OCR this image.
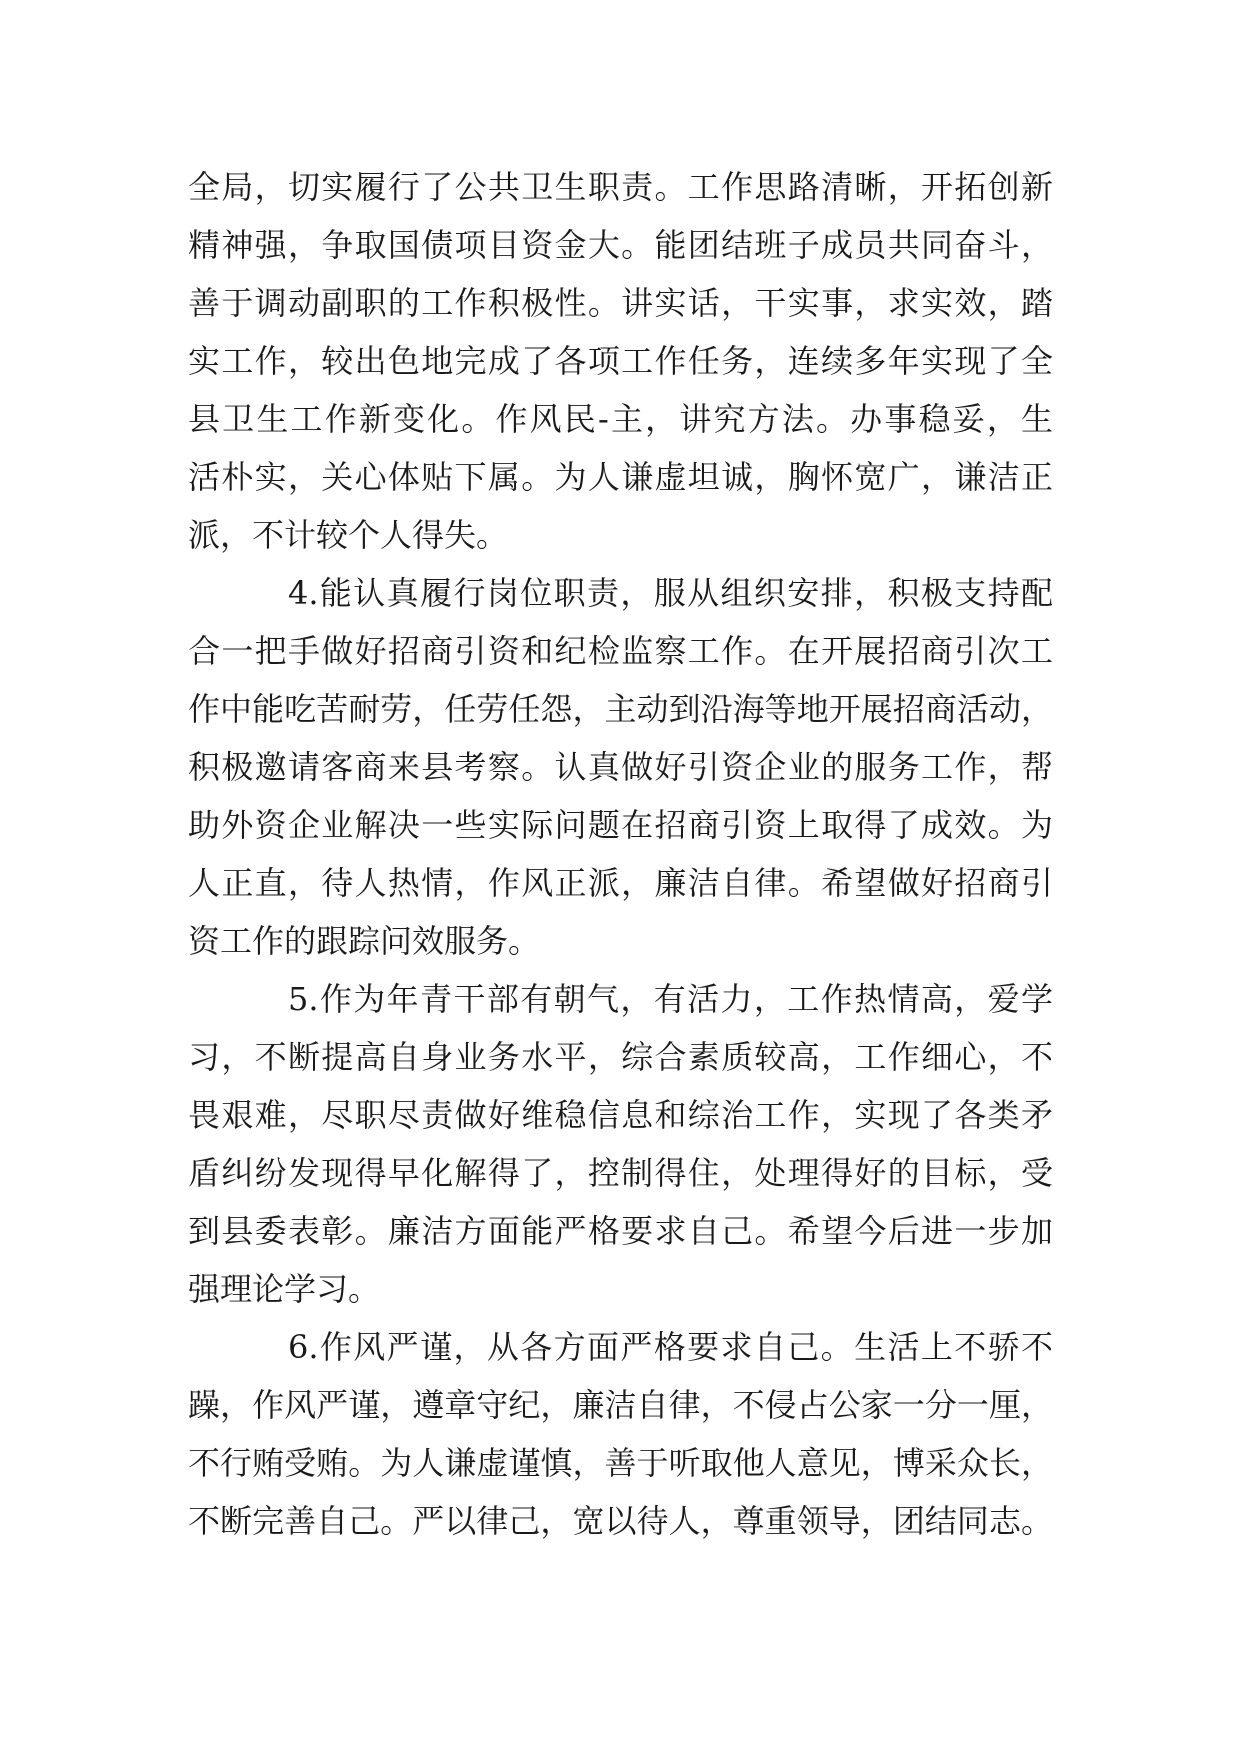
全局，切实履行了公共卫生职责。工作思路清晰，开拓创新
精神强，争取国债项目资金大。能团结班子成员共同奋斗，
善于调动副职的工作积极性。讲实话，干实事，求实效，踏
实工作，较出色地完成了各项工作任务，连续多年实现了全
县卫生工作新变化。作风民-主，讲究方法。办事稳妥，生
活朴实，关心体贴下属。为人谦虚坦诚，胸怀宽广，谦洁正
派，不计较个人得失。
4.能认真履行岗位职责，服从组织安排，积极支持配
合一把手做好招商引资和纪检监察工作。在开展招商引次工
作中能吃苦耐劳，任劳任怨，主动到沿海等地开展招商活动，
积极邀请客商来县考察。认真做好引资企业的服务工作，帮
助外资企业解决一些实际问题在招商引资上取得了成效。为
人正直，待人热情，作风正派，廉洁自律。希望做好招商引
资工作的跟踪问效服务。
5.作为年青干部有朝气，有活力，工作热情高，爱学
习，不断提高自身业务水平，综合素质较高，工作细心，不
畏艰难，尽职尽责做好维稳信息和综治工作，实现了各类矛
盾纠纷发现得早化解得了，控制得住，处理得好的目标，受
到县委表彰。廉洁方面能严格要求自己。希望今后进一步加
强理论学习。
6.作风严谨，从各方面严格要求自己。生活上不骄不
躁，作风严谨，遵章守纪，廉洁自律，不侵占公家一分一厘，
不行贿受贿。为人谦虚谨慎，善于听取他人意见，博采众长，
不断完善自己。严以律己，宽以待人，尊重领导，团结同志。
